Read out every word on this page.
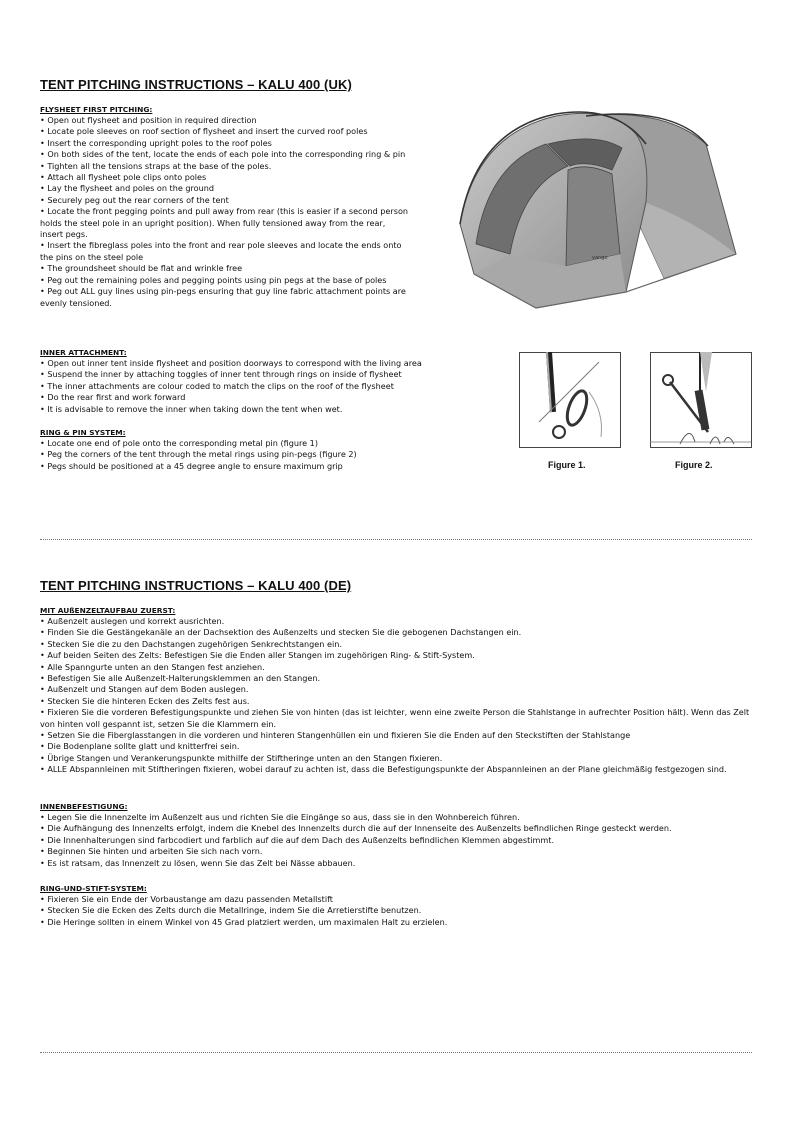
TENT PITCHING INSTRUCTIONS – KALU 400 (UK)
FLYSHEET FIRST PITCHING:
• Open out flysheet and position in required direction
• Locate pole sleeves on roof section of flysheet and insert the curved roof poles
• Insert the corresponding upright poles to the roof poles
• On both sides of the tent, locate the ends of each pole into the corresponding ring & pin
• Tighten all the tensions straps at the base of the poles.
• Attach all flysheet pole clips onto poles
• Lay the flysheet and poles on the ground
• Securely peg out the rear corners of the tent
• Locate the front pegging points and pull away from rear (this is easier if a second person holds the steel pole in an upright position). When fully tensioned away from the rear, insert pegs.
• Insert the fibreglass poles into the front and rear pole sleeves and locate the ends onto the pins on the steel pole
• The groundsheet should be flat and wrinkle free
• Peg out the remaining poles and pegging points using pin pegs at the base of poles
• Peg out ALL guy lines using pin-pegs ensuring that guy line fabric attachment points are evenly tensioned.
INNER ATTACHMENT:
• Open out inner tent inside flysheet and position doorways to correspond with the living area
• Suspend the inner by attaching toggles of inner tent through rings on inside of flysheet
• The inner attachments are colour coded to match the clips on the roof of the flysheet
• Do the rear first and work forward
• It is advisable to remove the inner when taking down the tent when wet.
RING & PIN SYSTEM:
• Locate one end of pole onto the corresponding metal pin (figure 1)
• Peg the corners of the tent through the metal rings using pin-pegs (figure 2)
• Pegs should be positioned at a 45 degree angle to ensure maximum grip
vango
Figure 1.	Figure 2.
TENT PITCHING INSTRUCTIONS – KALU 400 (DE)
MIT AUßENZELTAUFBAU ZUERST:
• Außenzelt auslegen und korrekt ausrichten.
• Finden Sie die Gestängekanäle an der Dachsektion des Außenzelts und stecken Sie die gebogenen Dachstangen ein.
• Stecken Sie die zu den Dachstangen zugehörigen Senkrechtstangen ein.
• Auf beiden Seiten des Zelts: Befestigen Sie die Enden aller Stangen im zugehörigen Ring- & Stift-System.
• Alle Spanngurte unten an den Stangen fest anziehen.
• Befestigen Sie alle Außenzelt-Halterungsklemmen an den Stangen.
• Außenzelt und Stangen auf dem Boden auslegen.
• Stecken Sie die hinteren Ecken des Zelts fest aus.
• Fixieren Sie die vorderen Befestigungspunkte und ziehen Sie von hinten (das ist leichter, wenn eine zweite Person die Stahlstange in aufrechter Position hält). Wenn das Zelt von hinten voll gespannt ist, setzen Sie die Klammern ein.
• Setzen Sie die Fiberglasstangen in die vorderen und hinteren Stangenhüllen ein und fixieren Sie die Enden auf den Steckstiften der Stahlstange
• Die Bodenplane sollte glatt und knitterfrei sein.
• Übrige Stangen und Verankerungspunkte mithilfe der Stiftheringe unten an den Stangen fixieren.
• ALLE Abspannleinen mit Stiftheringen fixieren, wobei darauf zu achten ist, dass die Befestigungspunkte der Abspannleinen an der Plane gleichmäßig festgezogen sind.
INNENBEFESTIGUNG:
• Legen Sie die Innenzelte im Außenzelt aus und richten Sie die Eingänge so aus, dass sie in den Wohnbereich führen.
• Die Aufhängung des Innenzelts erfolgt, indem die Knebel des Innenzelts durch die auf der Innenseite des Außenzelts befindlichen Ringe gesteckt werden.
• Die Innenhalterungen sind farbcodiert und farblich auf die auf dem Dach des Außenzelts befindlichen Klemmen abgestimmt.
• Beginnen Sie hinten und arbeiten Sie sich nach vorn.
• Es ist ratsam, das Innenzelt zu lösen, wenn Sie das Zelt bei Nässe abbauen.
RING-UND-STIFT-SYSTEM:
• Fixieren Sie ein Ende der Vorbaustange am dazu passenden Metallstift
• Stecken Sie die Ecken des Zelts durch die Metallringe, indem Sie die Arretierstifte benutzen.
• Die Heringe sollten in einem Winkel von 45 Grad platziert werden, um maximalen Halt zu erzielen.
